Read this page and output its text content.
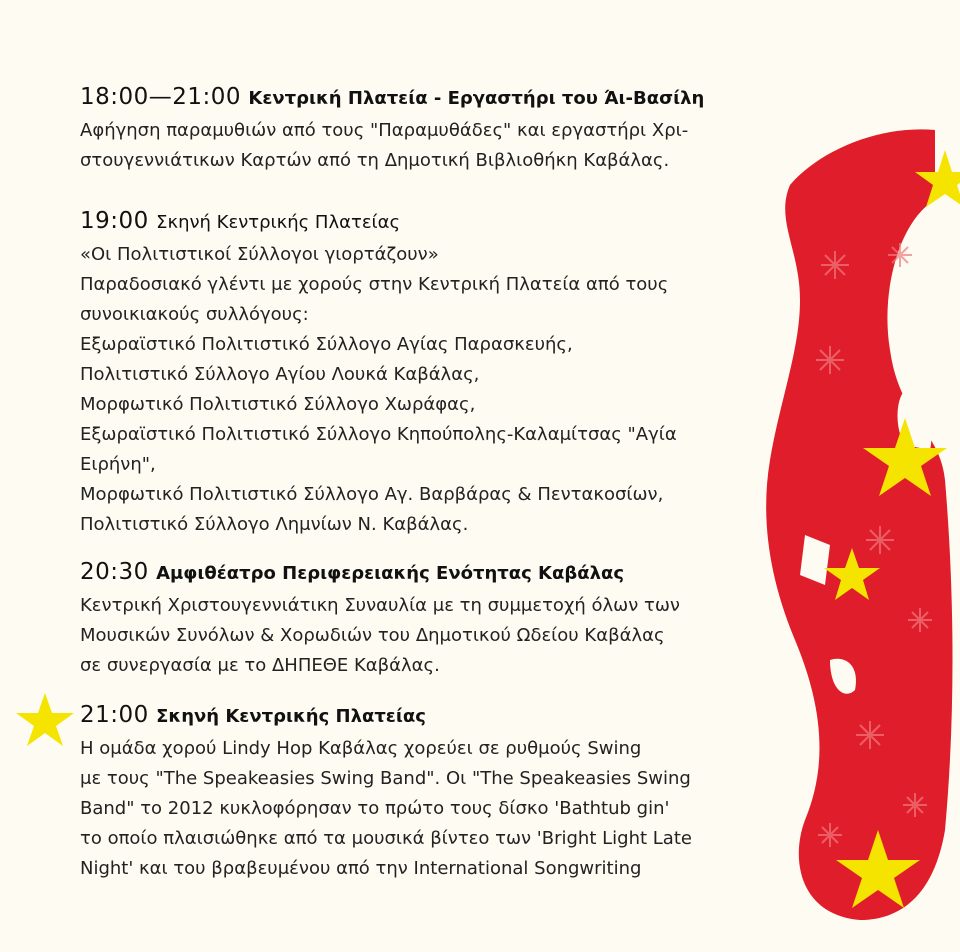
18:00—21:00 Κεντρική Πλατεία - Εργαστήρι του Άι-Βασίλη

Αφήγηση παραμυθιών από τους "Παραμυθάδες" και εργαστήρι Χρι-
στουγεννιάτικων Καρτών από τη Δημοτική Βιβλιοθήκη Καβάλας.

19:00 Σκηνή Κεντρικής Πλατείας

«Οι Πολιτιστικοί Σύλλογοι γιορτάζουν»
Παραδοσιακό γλέντι με χορούς στην Κεντρική Πλατεία από τους
συνοικιακούς συλλόγους:
Εξωραϊστικό Πολιτιστικό Σύλλογο Αγίας Παρασκευής,
Πολιτιστικό Σύλλογο Αγίου Λουκά Καβάλας,
Μορφωτικό Πολιτιστικό Σύλλογο Χωράφας,
Εξωραϊστικό Πολιτιστικό Σύλλογο Κηπούπολης-Καλαμίτσας "Αγία
Ειρήνη",
Μορφωτικό Πολιτιστικό Σύλλογο Αγ. Βαρβάρας & Πεντακοσίων,
Πολιτιστικό Σύλλογο Λημνίων Ν. Καβάλας.

20:30 Αμφιθέατρο Περιφερειακής Ενότητας Καβάλας

Κεντρική Χριστουγεννιάτικη Συναυλία με τη συμμετοχή όλων των
Μουσικών Συνόλων & Χορωδιών του Δημοτικού Ωδείου Καβάλας
σε συνεργασία με το ΔΗΠΕΘΕ Καβάλας.

21:00 Σκηνή Κεντρικής Πλατείας

Η ομάδα χορού Lindy Hop Καβάλας χορεύει σε ρυθμούς Swing
με τους "The Speakeasies Swing Band". Οι "The Speakeasies Swing
Band" το 2012 κυκλοφόρησαν το πρώτο τους δίσκο 'Bathtub gin'
το οποίο πλαισιώθηκε από τα μουσικά βίντεο των 'Bright Light Late
Night' και του βραβευμένου από την International Songwriting
